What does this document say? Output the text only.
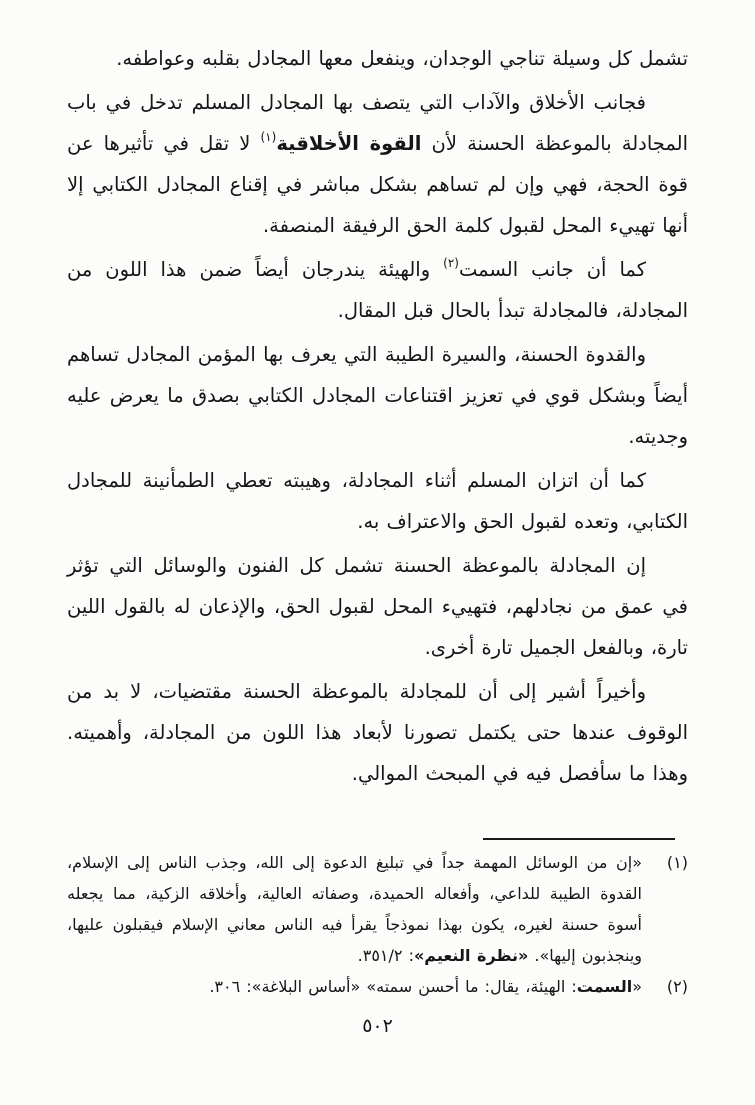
تشمل كل وسيلة تناجي الوجدان، وينفعل معها المجادل بقلبه وعواطفه.

فجانب الأخلاق والآداب التي يتصف بها المجادل المسلم تدخل في باب المجادلة بالموعظة الحسنة لأن القوة الأخلاقية$^{(١)}$ لا تقل في تأثيرها عن قوة الحجة، فهي وإن لم تساهم بشكل مباشر في إقناع المجادل الكتابي إلا أنها تهييء المحل لقبول كلمة الحق الرفيقة المنصفة.

كما أن جانب السمت$^{(٢)}$ والهيئة يندرجان أيضاً ضمن هذا اللون من المجادلة، فالمجادلة تبدأ بالحال قبل المقال.

والقدوة الحسنة، والسيرة الطيبة التي يعرف بها المؤمن المجادل تساهم أيضاً وبشكل قوي في تعزيز اقتناعات المجادل الكتابي بصدق ما يعرض عليه وجديته.

كما أن اتزان المسلم أثناء المجادلة، وهيبته تعطي الطمأنينة للمجادل الكتابي، وتعده لقبول الحق والاعتراف به.

إن المجادلة بالموعظة الحسنة تشمل كل الفنون والوسائل التي تؤثر في عمق من نجادلهم، فتهييء المحل لقبول الحق، والإذعان له بالقول اللين تارة، وبالفعل الجميل تارة أخرى.

وأخيراً أشير إلى أن للمجادلة بالموعظة الحسنة مقتضيات، لا بد من الوقوف عندها حتى يكتمل تصورنا لأبعاد هذا اللون من المجادلة، وأهميته. وهذا ما سأفصل فيه في المبحث الموالي.

(١)
«إن من الوسائل المهمة جداً في تبليغ الدعوة إلى الله، وجذب الناس إلى الإسلام، القدوة الطيبة للداعي، وأفعاله الحميدة، وصفاته العالية، وأخلاقه الزكية، مما يجعله أسوة حسنة لغيره، يكون بهذا نموذجاً يقرأ فيه الناس معاني الإسلام فيقبلون عليها، وينجذبون إليها». «نظرة النعيم»: ٣٥١/٢.
(٢)
«السمت: الهيئة، يقال: ما أحسن سمته» «أساس البلاغة»: ٣٠٦.
٥٠٢
